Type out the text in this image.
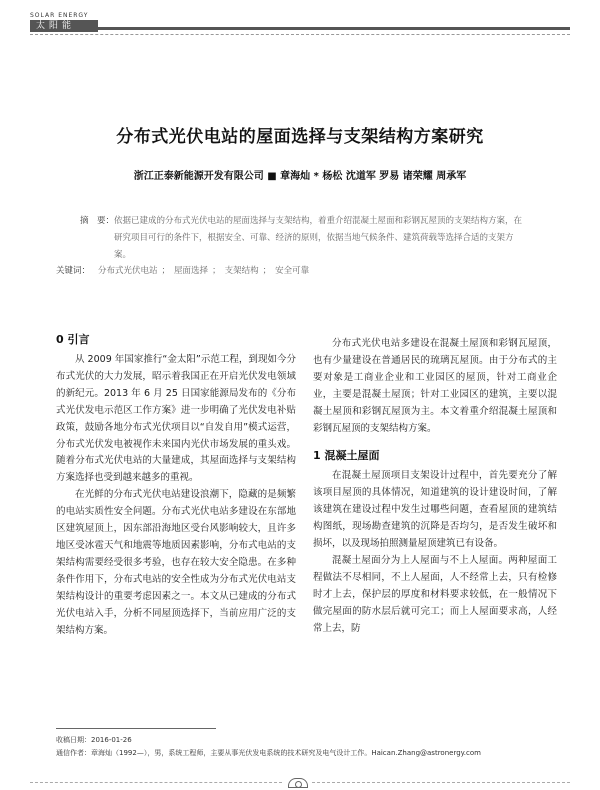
SOLAR ENERGY
太阳能
分布式光伏电站的屋面选择与支架结构方案研究
浙江正泰新能源开发有限公司 ■ 章海灿 * 杨松 沈道军 罗易 诸荣耀 周承军
摘　要： 依据已建成的分布式光伏电站的屋面选择与支架结构，着重介绍混凝土屋面和彩钢瓦屋顶的支架结构方案，在研究项目可行的条件下，根据安全、可靠、经济的原则，依据当地气候条件、建筑荷载等选择合适的支架方案。
关键词： 分布式光伏电站 ； 屋面选择 ； 支架结构 ； 安全可靠
0 引言

从 2009 年国家推行“金太阳”示范工程，到现如今分布式光伏的大力发展，昭示着我国正在开启光伏发电领域的新纪元。2013 年 6 月 25 日国家能源局发布的《分布式光伏发电示范区工作方案》进一步明确了光伏发电补贴政策，鼓励各地分布式光伏项目以“自发自用”模式运营，分布式光伏发电被视作未来国内光伏市场发展的重头戏。随着分布式光伏电站的大量建成，其屋面选择与支架结构方案选择也受到越来越多的重视。

在光鲜的分布式光伏电站建设浪潮下，隐藏的是频繁的电站实质性安全问题。分布式光伏电站多建设在东部地区建筑屋顶上，因东部沿海地区受台风影响较大，且许多地区受冰雹天气和地震等地质因素影响，分布式电站的支架结构需要经受很多考验，也存在较大安全隐患。在多种条件作用下，分布式电站的安全性成为分布式光伏电站支架结构设计的重要考虑因素之一。本文从已建成的分布式光伏电站入手，分析不同屋顶选择下，当前应用广泛的支架结构方案。

分布式光伏电站多建设在混凝土屋顶和彩钢瓦屋顶，也有少量建设在普通居民的琉璃瓦屋顶。由于分布式的主要对象是工商业企业和工业园区的屋顶，针对工商业企业，主要是混凝土屋顶；针对工业园区的建筑，主要以混凝土屋顶和彩钢瓦屋顶为主。本文着重介绍混凝土屋顶和彩钢瓦屋顶的支架结构方案。

1 混凝土屋面

在混凝土屋顶项目支架设计过程中，首先要充分了解该项目屋顶的具体情况，知道建筑的设计建设时间，了解该建筑在建设过程中发生过哪些问题，查看屋顶的建筑结构图纸，现场勘查建筑的沉降是否均匀，是否发生破坏和损坏，以及现场拍照测量屋顶建筑已有设备。

混凝土屋面分为上人屋面与不上人屋面。两种屋面工程做法不尽相同，不上人屋面，人不经常上去，只有检修时才上去，保护层的厚度和材料要求较低，在一般情况下做完屋面的防水层后就可完工；而上人屋面要求高，人经常上去，防

收稿日期：2016-01-26
通信作者：章海灿（1992—），男，系统工程师，主要从事光伏发电系统的技术研究及电气设计工作。Haican.Zhang@astronergy.com
